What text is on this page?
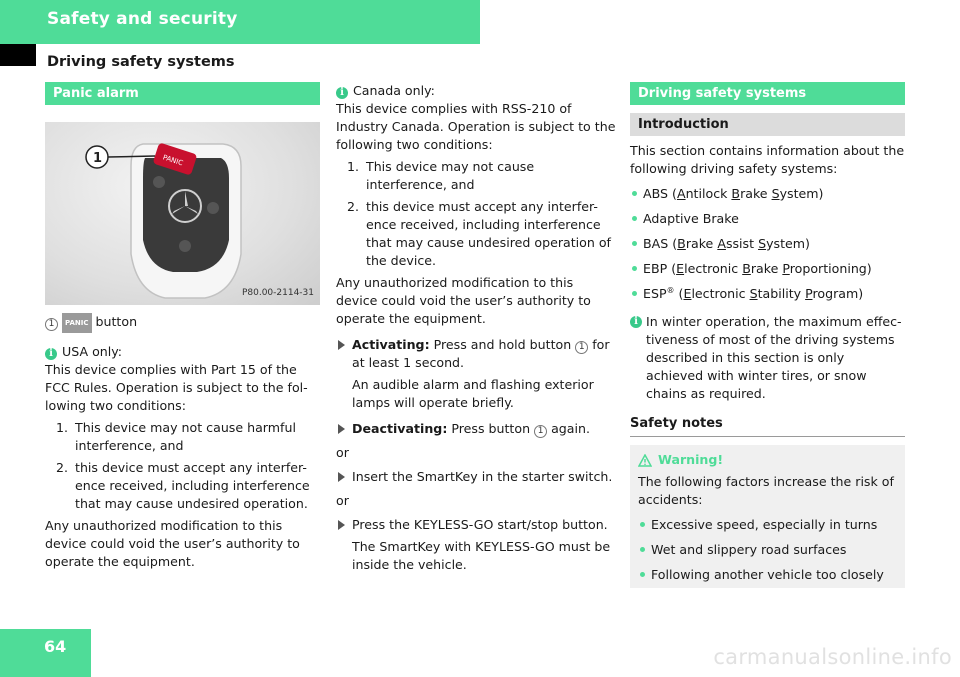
Safety and security
Driving safety systems
Panic alarm
PANIC
1
P80.00-2114-31

1 PANIC button

i USA only:

This device complies with Part 15 of the FCC Rules. Operation is subject to the fol-lowing two conditions:

1. This device may not cause harmful interference, and
2. this device must accept any interfer-ence received, including interference that may cause undesired operation.

Any unauthorized modification to this device could void the user’s authority to operate the equipment.

i Canada only:

This device complies with RSS-210 of Industry Canada. Operation is subject to the following two conditions:

1. This device may not cause interference, and
2. this device must accept any interfer-ence received, including interference that may cause undesired operation of the device.

Any unauthorized modification to this device could void the user’s authority to operate the equipment.

Activating: Press and hold button 1 for at least 1 second.

An audible alarm and flashing exterior lamps will operate briefly.

Deactivating: Press button 1 again.

or

Insert the SmartKey in the starter switch.

or

Press the KEYLESS-GO start/stop button.

The SmartKey with KEYLESS-GO must be inside the vehicle.

Driving safety systems
Introduction

This section contains information about the following driving safety systems:

ABS (Antilock Brake System)
Adaptive Brake
BAS (Brake Assist System)
EBP (Electronic Brake Proportioning)
ESP® (Electronic Stability Program)

i In winter operation, the maximum effec-tiveness of most of the driving systems described in this section is only achieved with winter tires, or snow chains as required.

Safety notes
Warning!

The following factors increase the risk of accidents:

Excessive speed, especially in turns
Wet and slippery road surfaces
Following another vehicle too closely
64	carmanualsonline.info
